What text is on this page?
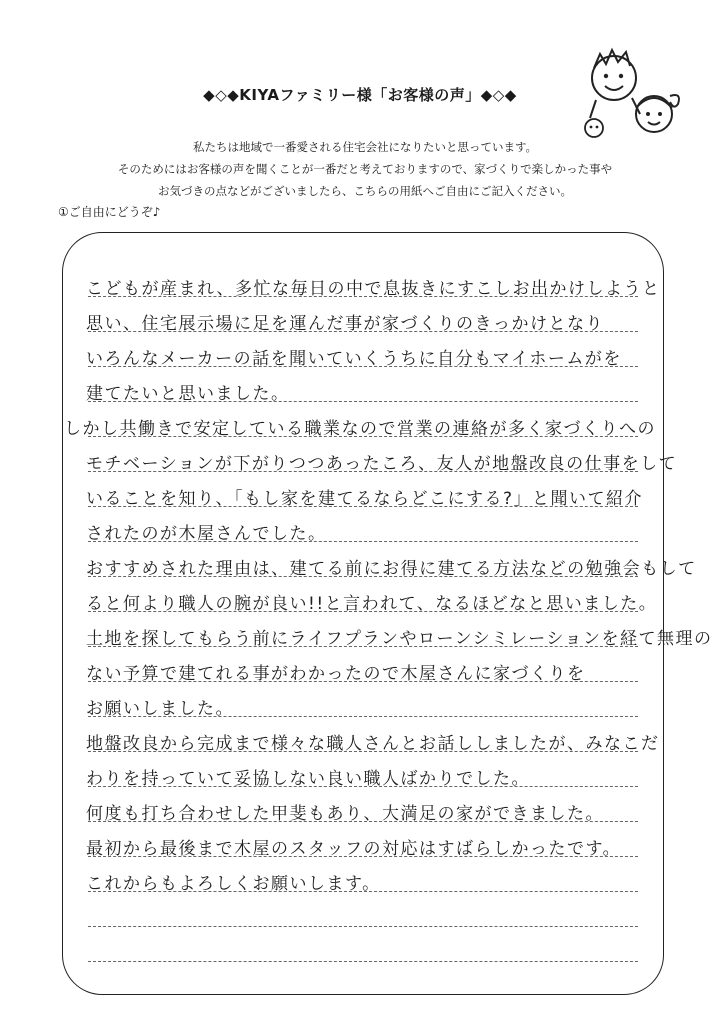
◆◇◆KIYAファミリー様「お客様の声」◆◇◆
私たちは地域で一番愛される住宅会社になりたいと思っています。
そのためにはお客様の声を聞くことが一番だと考えておりますので、家づくりで楽しかった事や
お気づきの点などがございましたら、こちらの用紙へご自由にご記入ください。
①ご自由にどうぞ♪
こどもが産まれ、多忙な毎日の中で息抜きにすこしお出かけしようと
思い、住宅展示場に足を運んだ事が家づくりのきっかけとなり
いろんなメーカーの話を聞いていくうちに自分もマイホームがを
建てたいと思いました。
しかし共働きで安定している職業なので営業の連絡が多く家づくりへの
モチベーションが下がりつつあったころ、友人が地盤改良の仕事をして
いることを知り、「もし家を建てるならどこにする?」と聞いて紹介
されたのが木屋さんでした。
おすすめされた理由は、建てる前にお得に建てる方法などの勉強会もして
ると何より職人の腕が良い!!と言われて、なるほどなと思いました。
土地を探してもらう前にライフプランやローンシミレーションを経て無理の
ない予算で建てれる事がわかったので木屋さんに家づくりを
お願いしました。
地盤改良から完成まで様々な職人さんとお話ししましたが、みなこだ
わりを持っていて妥協しない良い職人ばかりでした。
何度も打ち合わせした甲斐もあり、大満足の家ができました。
最初から最後まで木屋のスタッフの対応はすばらしかったです。
これからもよろしくお願いします。
